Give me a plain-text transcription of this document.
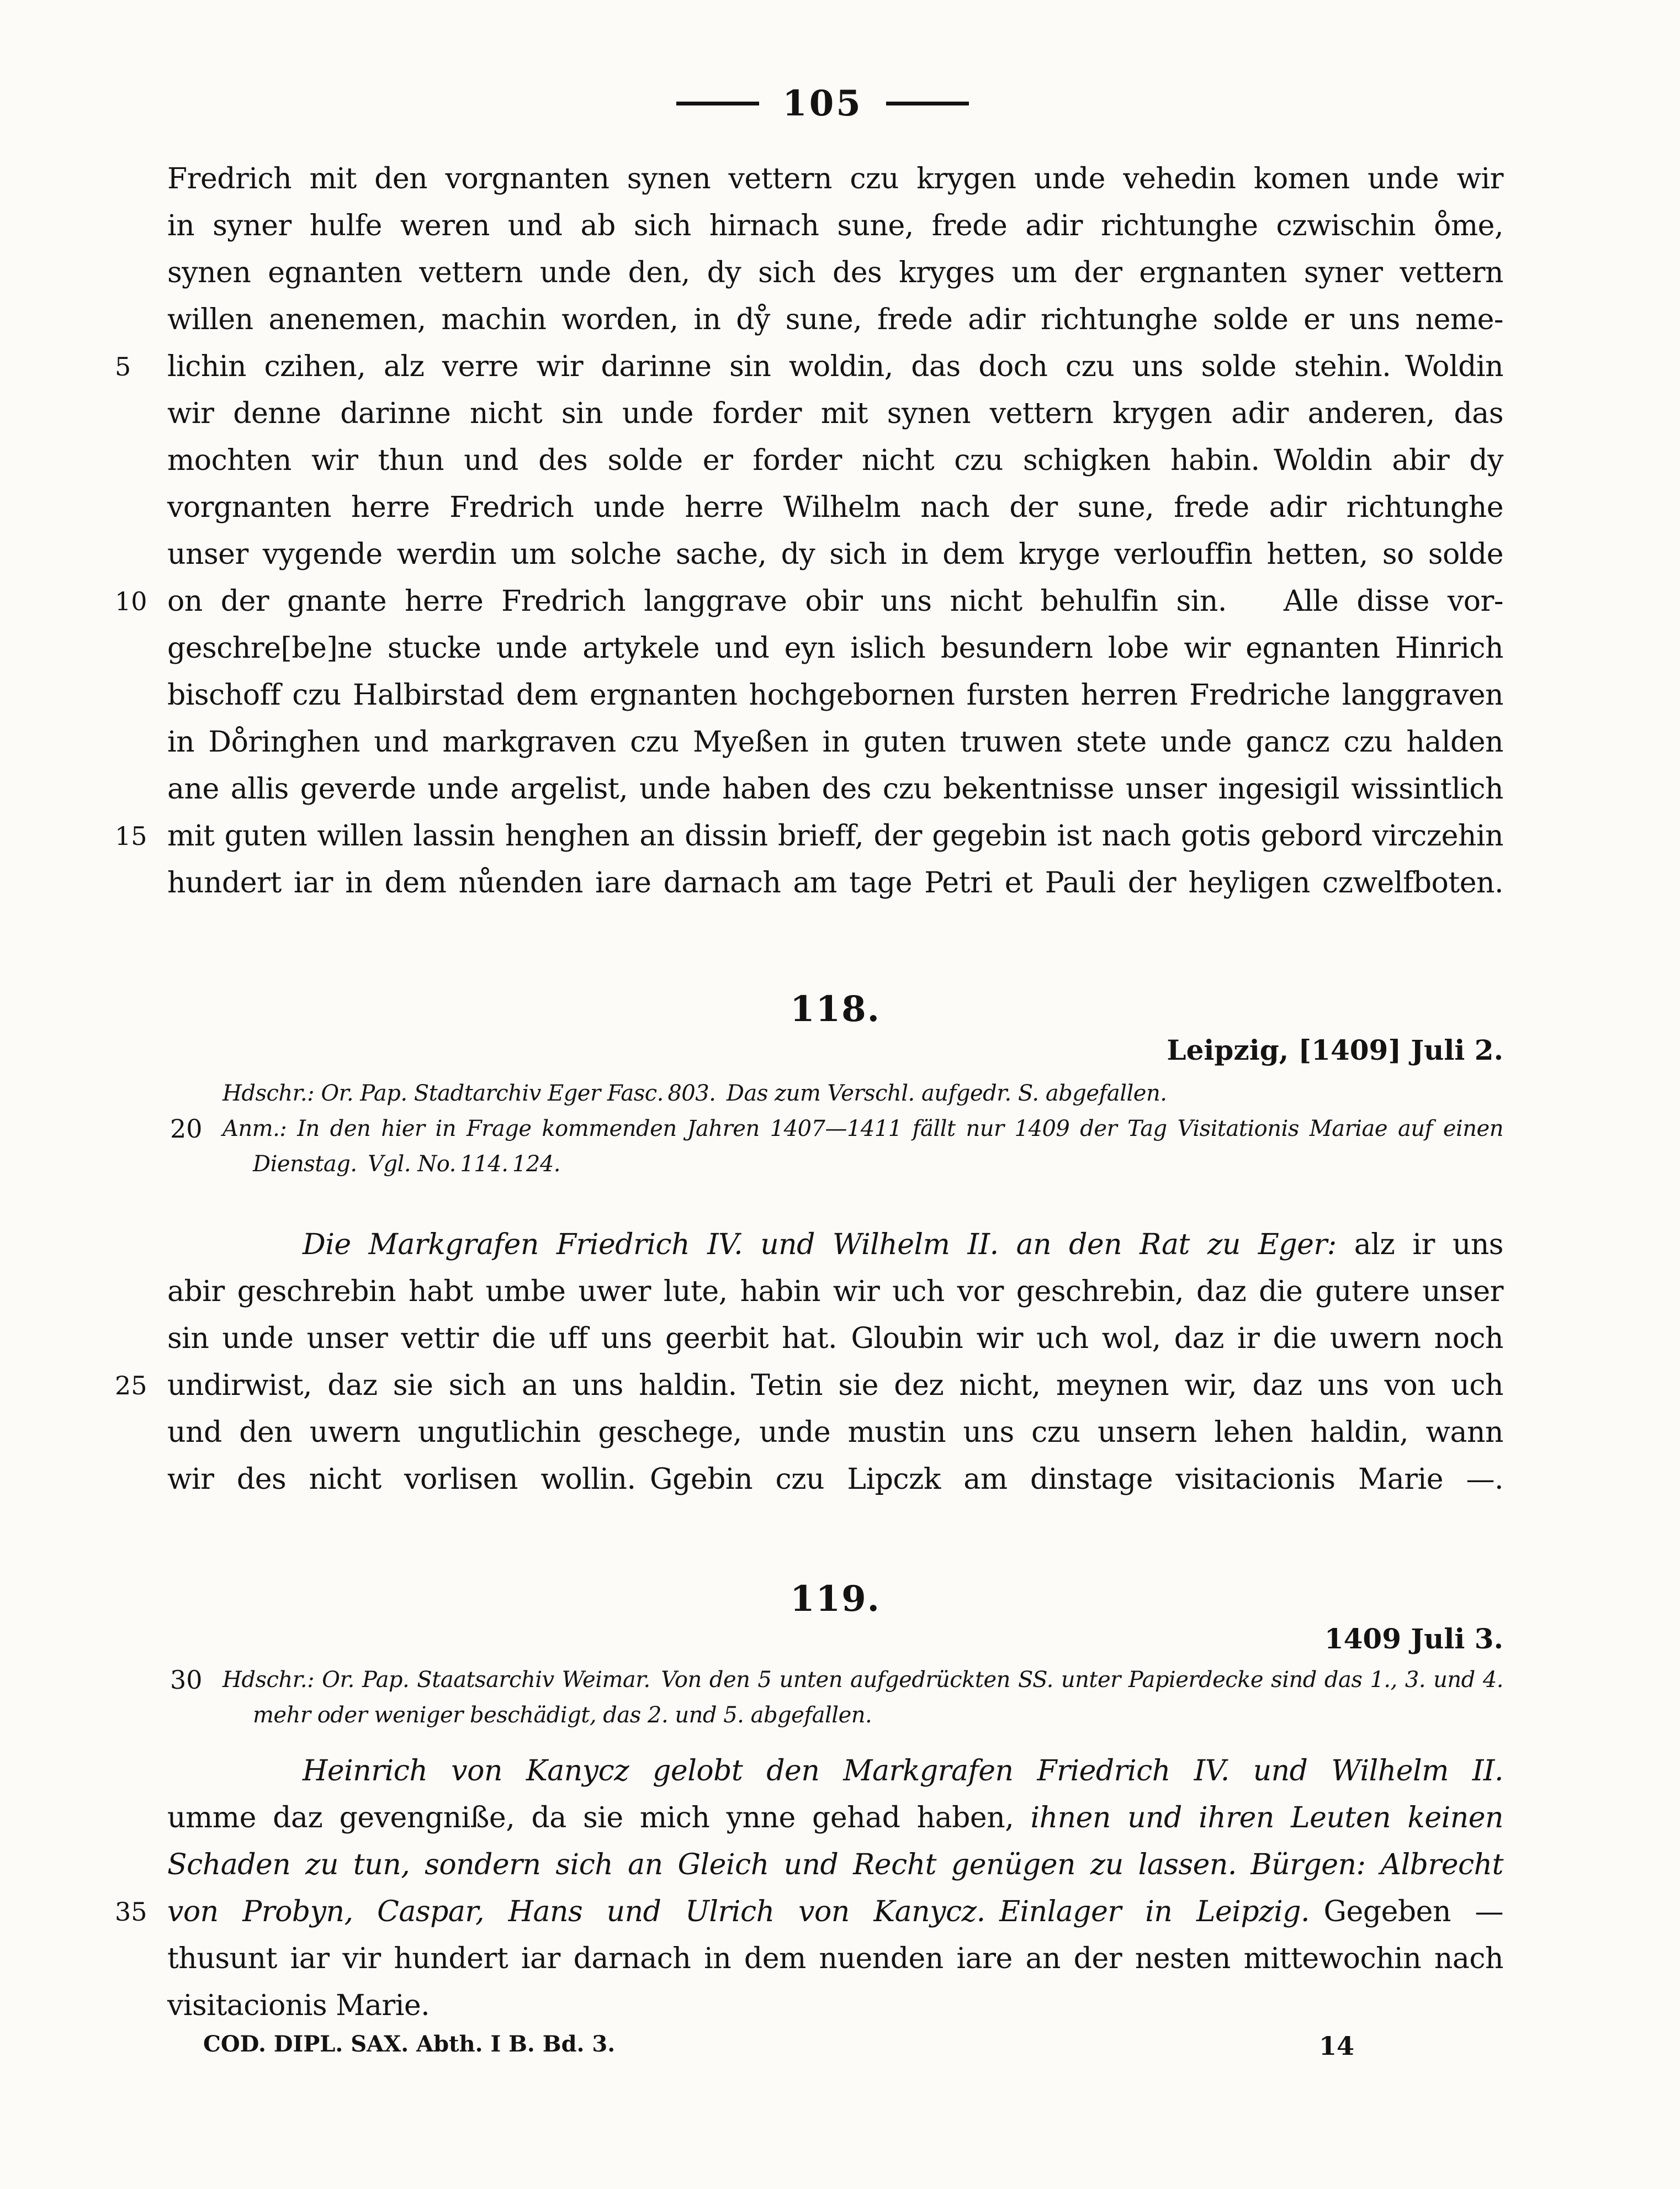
105
Fredrich mit den vorgnanten synen vettern czu krygen unde vehedin komen unde wir
in syner hulfe weren und ab sich hirnach sune, frede adir richtunghe czwischin o̊me,
synen egnanten vettern unde den, dy sich des kryges um der ergnanten syner vettern
willen anenemen, machin worden, in dẙ sune, frede adir richtunghe solde er uns neme-
5	lichin czihen, alz verre wir darinne sin woldin, das doch czu uns solde stehin. Woldin
wir denne darinne nicht sin unde forder mit synen vettern krygen adir anderen, das
mochten wir thun und des solde er forder nicht czu schigken habin. Woldin abir dy
vorgnanten herre Fredrich unde herre Wilhelm nach der sune, frede adir richtunghe
unser vygende werdin um solche sache, dy sich in dem kryge verlouffin hetten, so solde
10 on der gnante herre Fredrich langgrave obir uns nicht behulfin sin.  Alle disse vor-
geschre[be]ne stucke unde artykele und eyn islich besundern lobe wir egnanten Hinrich
bischoff czu Halbirstad dem ergnanten hochgebornen fursten herren Fredriche langgraven
in Do̊ringhen und markgraven czu Myeßen in guten truwen stete unde gancz czu halden
ane allis geverde unde argelist, unde haben des czu bekentnisse unser ingesigil wissintlich
15 mit guten willen lassin henghen an dissin brieff, der gegebin ist nach gotis gebord virczehin
hundert iar in dem nůenden iare darnach am tage Petri et Pauli der heyligen czwelfboten.
118.
Leipzig, [1409] Juli 2.
Hdschr.: Or. Pap. Stadtarchiv Eger Fasc. 803. Das zum Verschl. aufgedr. S. abgefallen.
20 Anm.: In den hier in Frage kommenden Jahren 1407—1411 fällt nur 1409 der Tag Visitationis Mariae auf einen
Dienstag. Vgl. No. 114. 124.
Die Markgrafen Friedrich IV. und Wilhelm II. an den Rat zu Eger: alz ir uns
abir geschrebin habt umbe uwer lute, habin wir uch vor geschrebin, daz die gutere unser
sin unde unser vettir die uff uns geerbit hat. Gloubin wir uch wol, daz ir die uwern noch
25 undirwist, daz sie sich an uns haldin. Tetin sie dez nicht, meynen wir, daz uns von uch
und den uwern ungutlichin geschege, unde mustin uns czu unsern lehen haldin, wann
wir des nicht vorlisen wollin. Ggebin czu Lipczk am dinstage visitacionis Marie —.
119.
1409 Juli 3.
30 Hdschr.: Or. Pap. Staatsarchiv Weimar. Von den 5 unten aufgedrückten SS. unter Papierdecke sind das 1., 3. und 4.
mehr oder weniger beschädigt, das 2. und 5. abgefallen.
Heinrich von Kanycz gelobt den Markgrafen Friedrich IV. und Wilhelm II.
umme daz gevengniße, da sie mich ynne gehad haben, ihnen und ihren Leuten keinen
Schaden zu tun, sondern sich an Gleich und Recht genügen zu lassen. Bürgen: Albrecht
35 von Probyn, Caspar, Hans und Ulrich von Kanycz. Einlager in Leipzig. Gegeben —
thusunt iar vir hundert iar darnach in dem nuenden iare an der nesten mittewochin nach
visitacionis Marie.
COD. DIPL. SAX. Abth. I B. Bd. 3.	14
